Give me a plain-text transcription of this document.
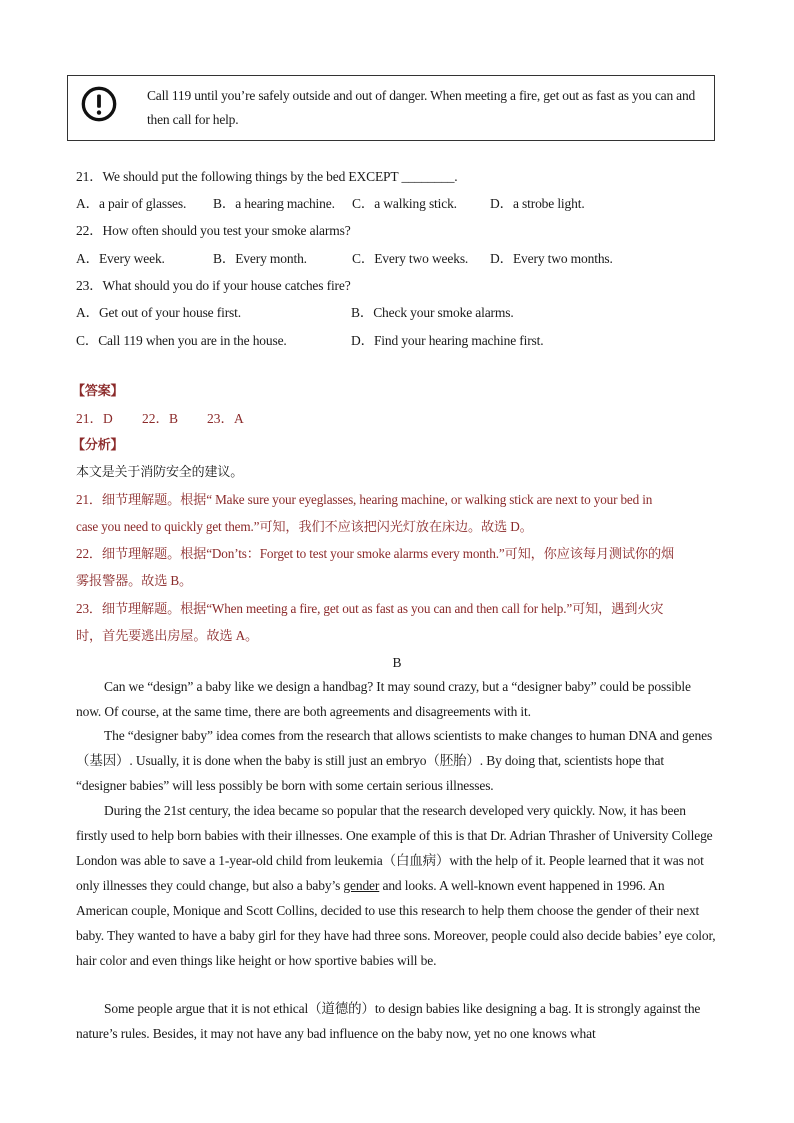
Call 119 until you’re safely outside and out of danger. When meeting a fire, get out as fast as you can and then call for help.
21．We should put the following things by the bed EXCEPT ________.
A．a pair of glasses. B．a hearing machine. C．a walking stick. D．a strobe light.
22．How often should you test your smoke alarms?
A．Every week.	B．Every month.	C．Every two weeks. D．Every two months.
23．What should you do if your house catches fire?
A．Get out of your house first.	B．Check your smoke alarms.
C．Call 119 when you are in the house.	D．Find your hearing machine first.
【答案】
21．D 22．B 23．A
【分析】
本文是关于消防安全的建议。
21．细节理解题。根据“ Make sure your eyeglasses, hearing machine, or walking stick are next to your bed in
case you need to quickly get them.”可知，我们不应该把闪光灯放在床边。故选 D。
22．细节理解题。根据“Don’ts：Forget to test your smoke alarms every month.”可知，你应该每月测试你的烟
雾报警器。故选 B。
23．细节理解题。根据“When meeting a fire, get out as fast as you can and then call for help.”可知，遇到火灾
时，首先要逃出房屋。故选 A。
B
Can we “design” a baby like we design a handbag? It may sound crazy, but a “designer baby” could be possible now. Of course, at the same time, there are both agreements and disagreements with it.
The “designer baby” idea comes from the research that allows scientists to make changes to human DNA and genes（基因）. Usually, it is done when the baby is still just an embryo（胚胎）. By doing that, scientists hope that “designer babies” will less possibly be born with some certain serious illnesses.
During the 21st century, the idea became so popular that the research developed very quickly. Now, it has been firstly used to help born babies with their illnesses. One example of this is that Dr. Adrian Thrasher of University College London was able to save a 1-year-old child from leukemia（白血病）with the help of it. People learned that it was not only illnesses they could change, but also a baby’s gender and looks. A well-known event happened in 1996. An American couple, Monique and Scott Collins, decided to use this research to help them choose the gender of their next baby. They wanted to have a baby girl for they have had three sons. Moreover, people could also decide babies’ eye color, hair color and even things like height or how sportive babies will be.
Some people argue that it is not ethical（道德的）to design babies like designing a bag. It is strongly against the nature’s rules. Besides, it may not have any bad influence on the baby now, yet no one knows what
